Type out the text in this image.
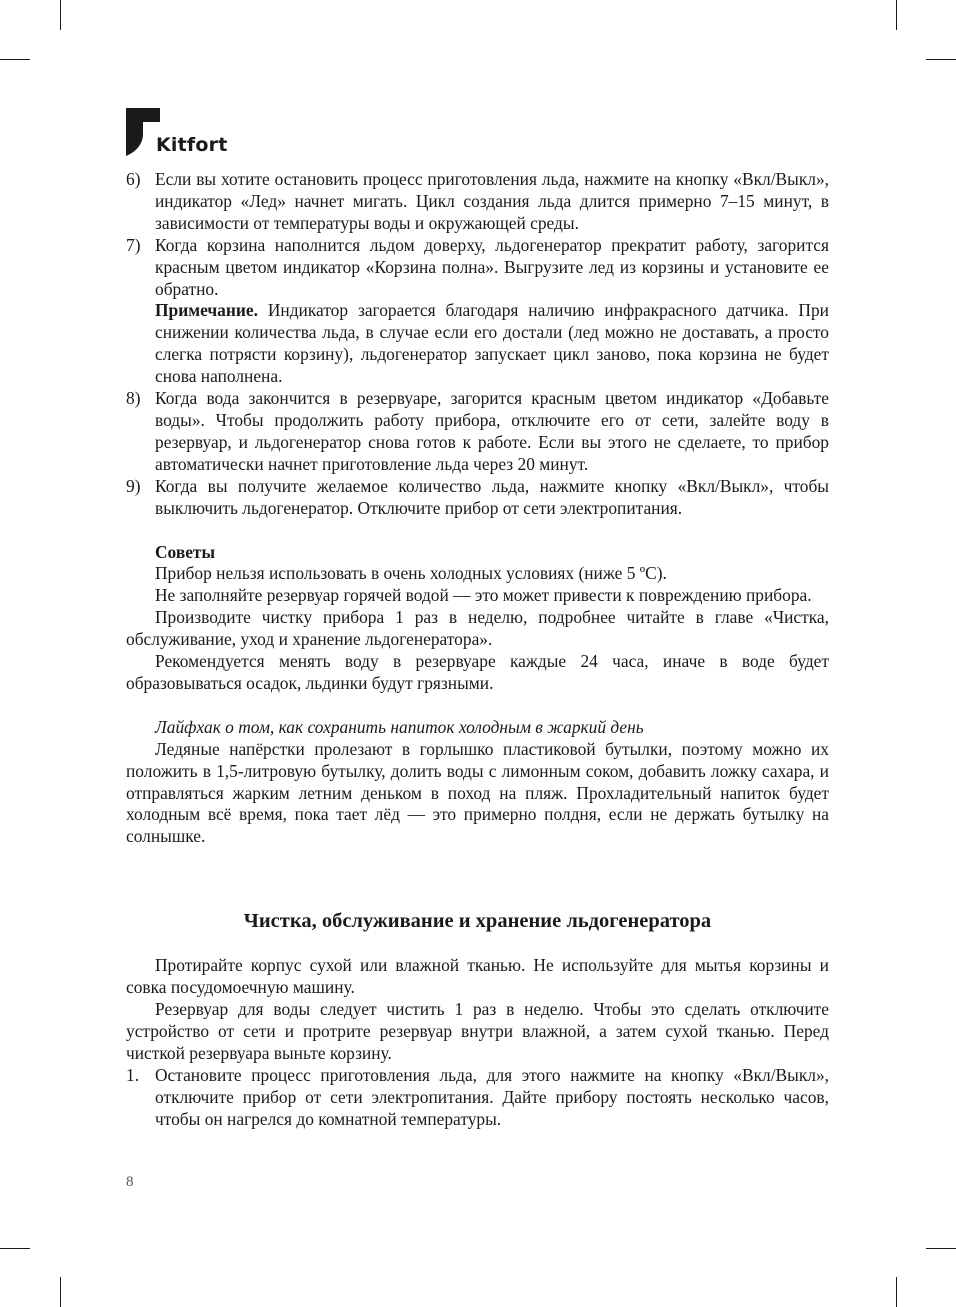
Kitfort
6) Если вы хотите остановить процесс приготовления льда, нажмите на кнопку «Вкл/Выкл», индикатор «Лед» начнет мигать. Цикл создания льда длится примерно 7–15 минут, в зависимости от температуры воды и окружающей среды.

7) Когда корзина наполнится льдом доверху, льдогенератор прекратит работу, загорится красным цветом индикатор «Корзина полна». Выгрузите лед из корзины и установите ее обратно.

Примечание. Индикатор загорается благодаря наличию инфракрасного датчика. При снижении количества льда, в случае если его достали (лед можно не доставать, а просто слегка потрясти корзину), льдогенератор запускает цикл заново, пока корзина не будет снова наполнена.

8) Когда вода закончится в резервуаре, загорится красным цветом индикатор «Добавьте воды». Чтобы продолжить работу прибора, отключите его от сети, залейте воду в резервуар, и льдогенератор снова готов к работе. Если вы этого не сделаете, то прибор автоматически начнет приготовление льда через 20 минут.

9) Когда вы получите желаемое количество льда, нажмите кнопку «Вкл/Выкл», чтобы выключить льдогенератор. Отключите прибор от сети электропитания.

Советы

Прибор нельзя использовать в очень холодных условиях (ниже 5 ºС).

Не заполняйте резервуар горячей водой — это может привести к повреждению прибора.

Производите чистку прибора 1 раз в неделю, подробнее читайте в главе «Чистка, обслуживание, уход и хранение льдогенератора».

Рекомендуется менять воду в резервуаре каждые 24 часа, иначе в воде будет образовываться осадок, льдинки будут грязными.

Лайфхак о том, как сохранить напиток холодным в жаркий день

Ледяные напёрстки пролезают в горлышко пластиковой бутылки, поэтому можно их положить в 1,5-литровую бутылку, долить воды с лимонным соком, добавить ложку сахара, и отправляться жарким летним деньком в поход на пляж. Прохладительный напиток будет холодным всё время, пока тает лёд — это примерно полдня, если не держать бутылку на солнышке.

Чистка, обслуживание и хранение льдогенератора

Протирайте корпус сухой или влажной тканью. Не используйте для мытья корзины и совка посудомоечную машину.

Резервуар для воды следует чистить 1 раз в неделю. Чтобы это сделать отключите устройство от сети и протрите резервуар внутри влажной, а затем сухой тканью. Перед чисткой резервуара выньте корзину.

1. Остановите процесс приготовления льда, для этого нажмите на кнопку «Вкл/Выкл», отключите прибор от сети электропитания. Дайте прибору постоять несколько часов, чтобы он нагрелся до комнатной температуры.

8
